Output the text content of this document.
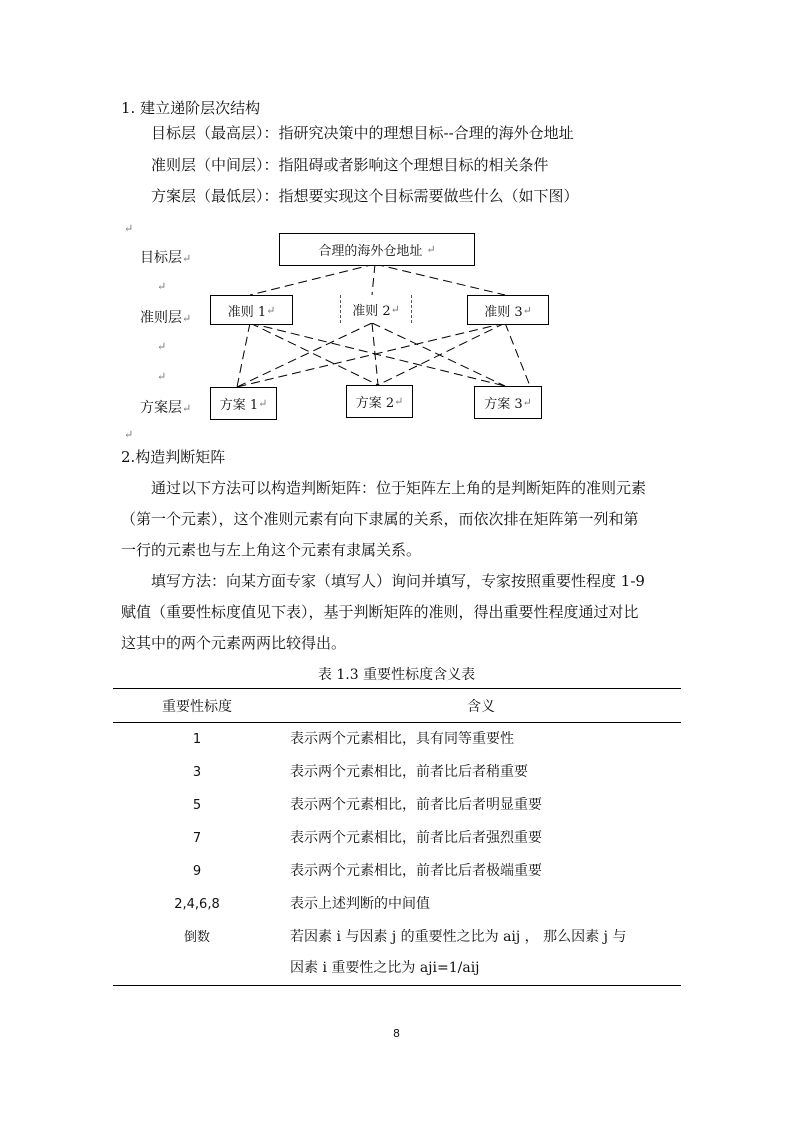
1. 建立递阶层次结构
目标层（最高层）：指研究决策中的理想目标--合理的海外仓地址
准则层（中间层）：指阻碍或者影响这个理想目标的相关条件
方案层（最低层）：指想要实现这个目标需要做些什么（如下图）
合理的海外仓地址 ↵
准则 1 ↵	准则 2 ↵	准则 3 ↵
方案 1 ↵	方案 2 ↵	方案 3 ↵
目标层↵
准则层↵
方案层↵
↵
↵
↵
↵
↵
2.构造判断矩阵
通过以下方法可以构造判断矩阵：位于矩阵左上角的是判断矩阵的准则元素
（第一个元素），这个准则元素有向下隶属的关系，而依次排在矩阵第一列和第
一行的元素也与左上角这个元素有隶属关系。
填写方法：向某方面专家（填写人）询问并填写，专家按照重要性程度 1-9
赋值（重要性标度值见下表），基于判断矩阵的准则，得出重要性程度通过对比
这其中的两个元素两两比较得出。
表 1.3 重要性标度含义表
重要性标度	含义
1	表示两个元素相比，具有同等重要性
3	表示两个元素相比，前者比后者稍重要
5	表示两个元素相比，前者比后者明显重要
7	表示两个元素相比，前者比后者强烈重要
9	表示两个元素相比，前者比后者极端重要
2,4,6,8	表示上述判断的中间值
倒数	若因素 i 与因素 j 的重要性之比为 aij ， 那么因素 j 与
因素 i 重要性之比为 aji=1/aij
8
